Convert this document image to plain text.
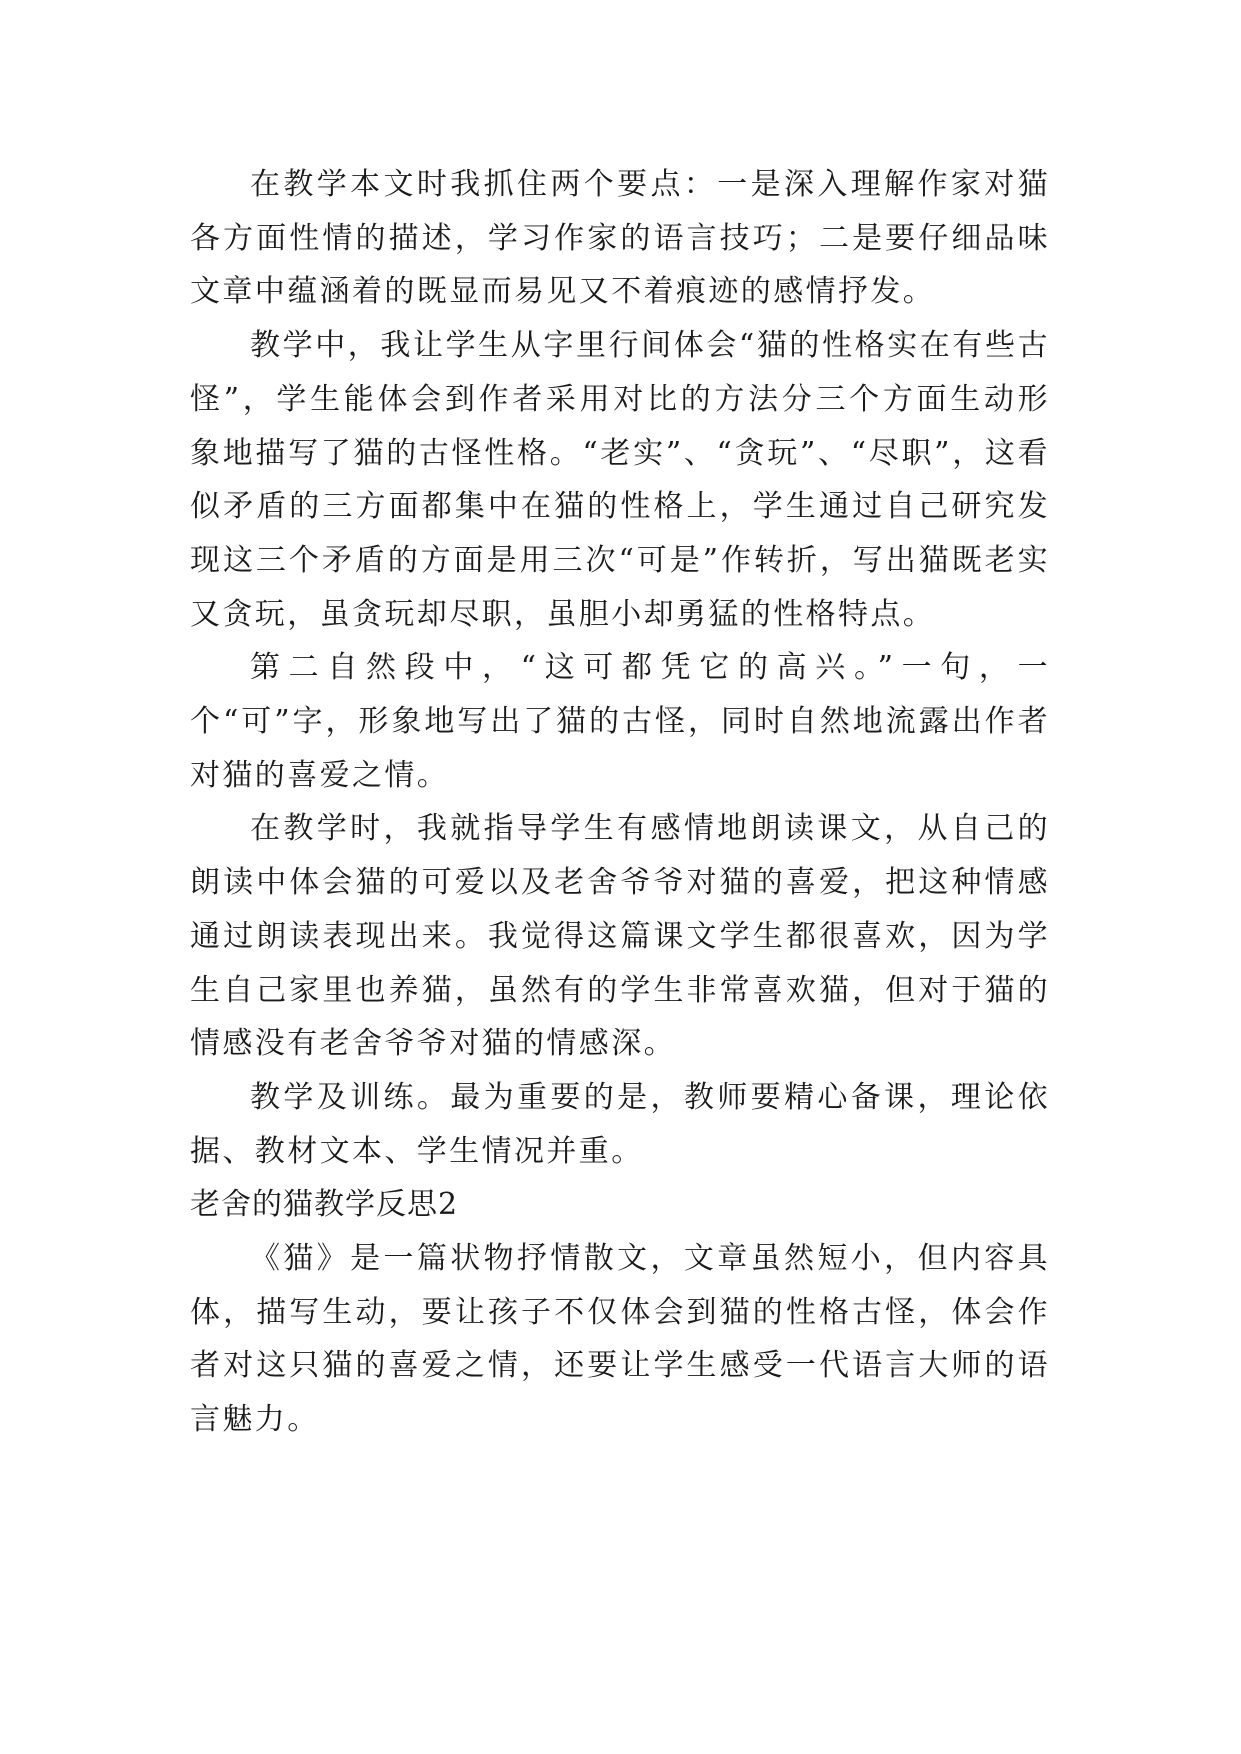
在教学本文时我抓住两个要点：一是深入理解作家对猫各方面性情的描述，学习作家的语言技巧；二是要仔细品味文章中蕴涵着的既显而易见又不着痕迹的感情抒发。

教学中，我让学生从字里行间体会“猫的性格实在有些古怪”，学生能体会到作者采用对比的方法分三个方面生动形象地描写了猫的古怪性格。“老实”、“贪玩”、“尽职”，这看似矛盾的三方面都集中在猫的性格上，学生通过自己研究发现这三个矛盾的方面是用三次“可是”作转折，写出猫既老实又贪玩，虽贪玩却尽职，虽胆小却勇猛的性格特点。

第二自然段中，“这可都凭它的高兴。”一句，一个“可”字，形象地写出了猫的古怪，同时自然地流露出作者对猫的喜爱之情。

在教学时，我就指导学生有感情地朗读课文，从自己的朗读中体会猫的可爱以及老舍爷爷对猫的喜爱，把这种情感通过朗读表现出来。我觉得这篇课文学生都很喜欢，因为学生自己家里也养猫，虽然有的学生非常喜欢猫，但对于猫的情感没有老舍爷爷对猫的情感深。

教学及训练。最为重要的是，教师要精心备课，理论依据、教材文本、学生情况并重。

老舍的猫教学反思2

《猫》是一篇状物抒情散文，文章虽然短小，但内容具体，描写生动，要让孩子不仅体会到猫的性格古怪，体会作者对这只猫的喜爱之情，还要让学生感受一代语言大师的语言魅力。
